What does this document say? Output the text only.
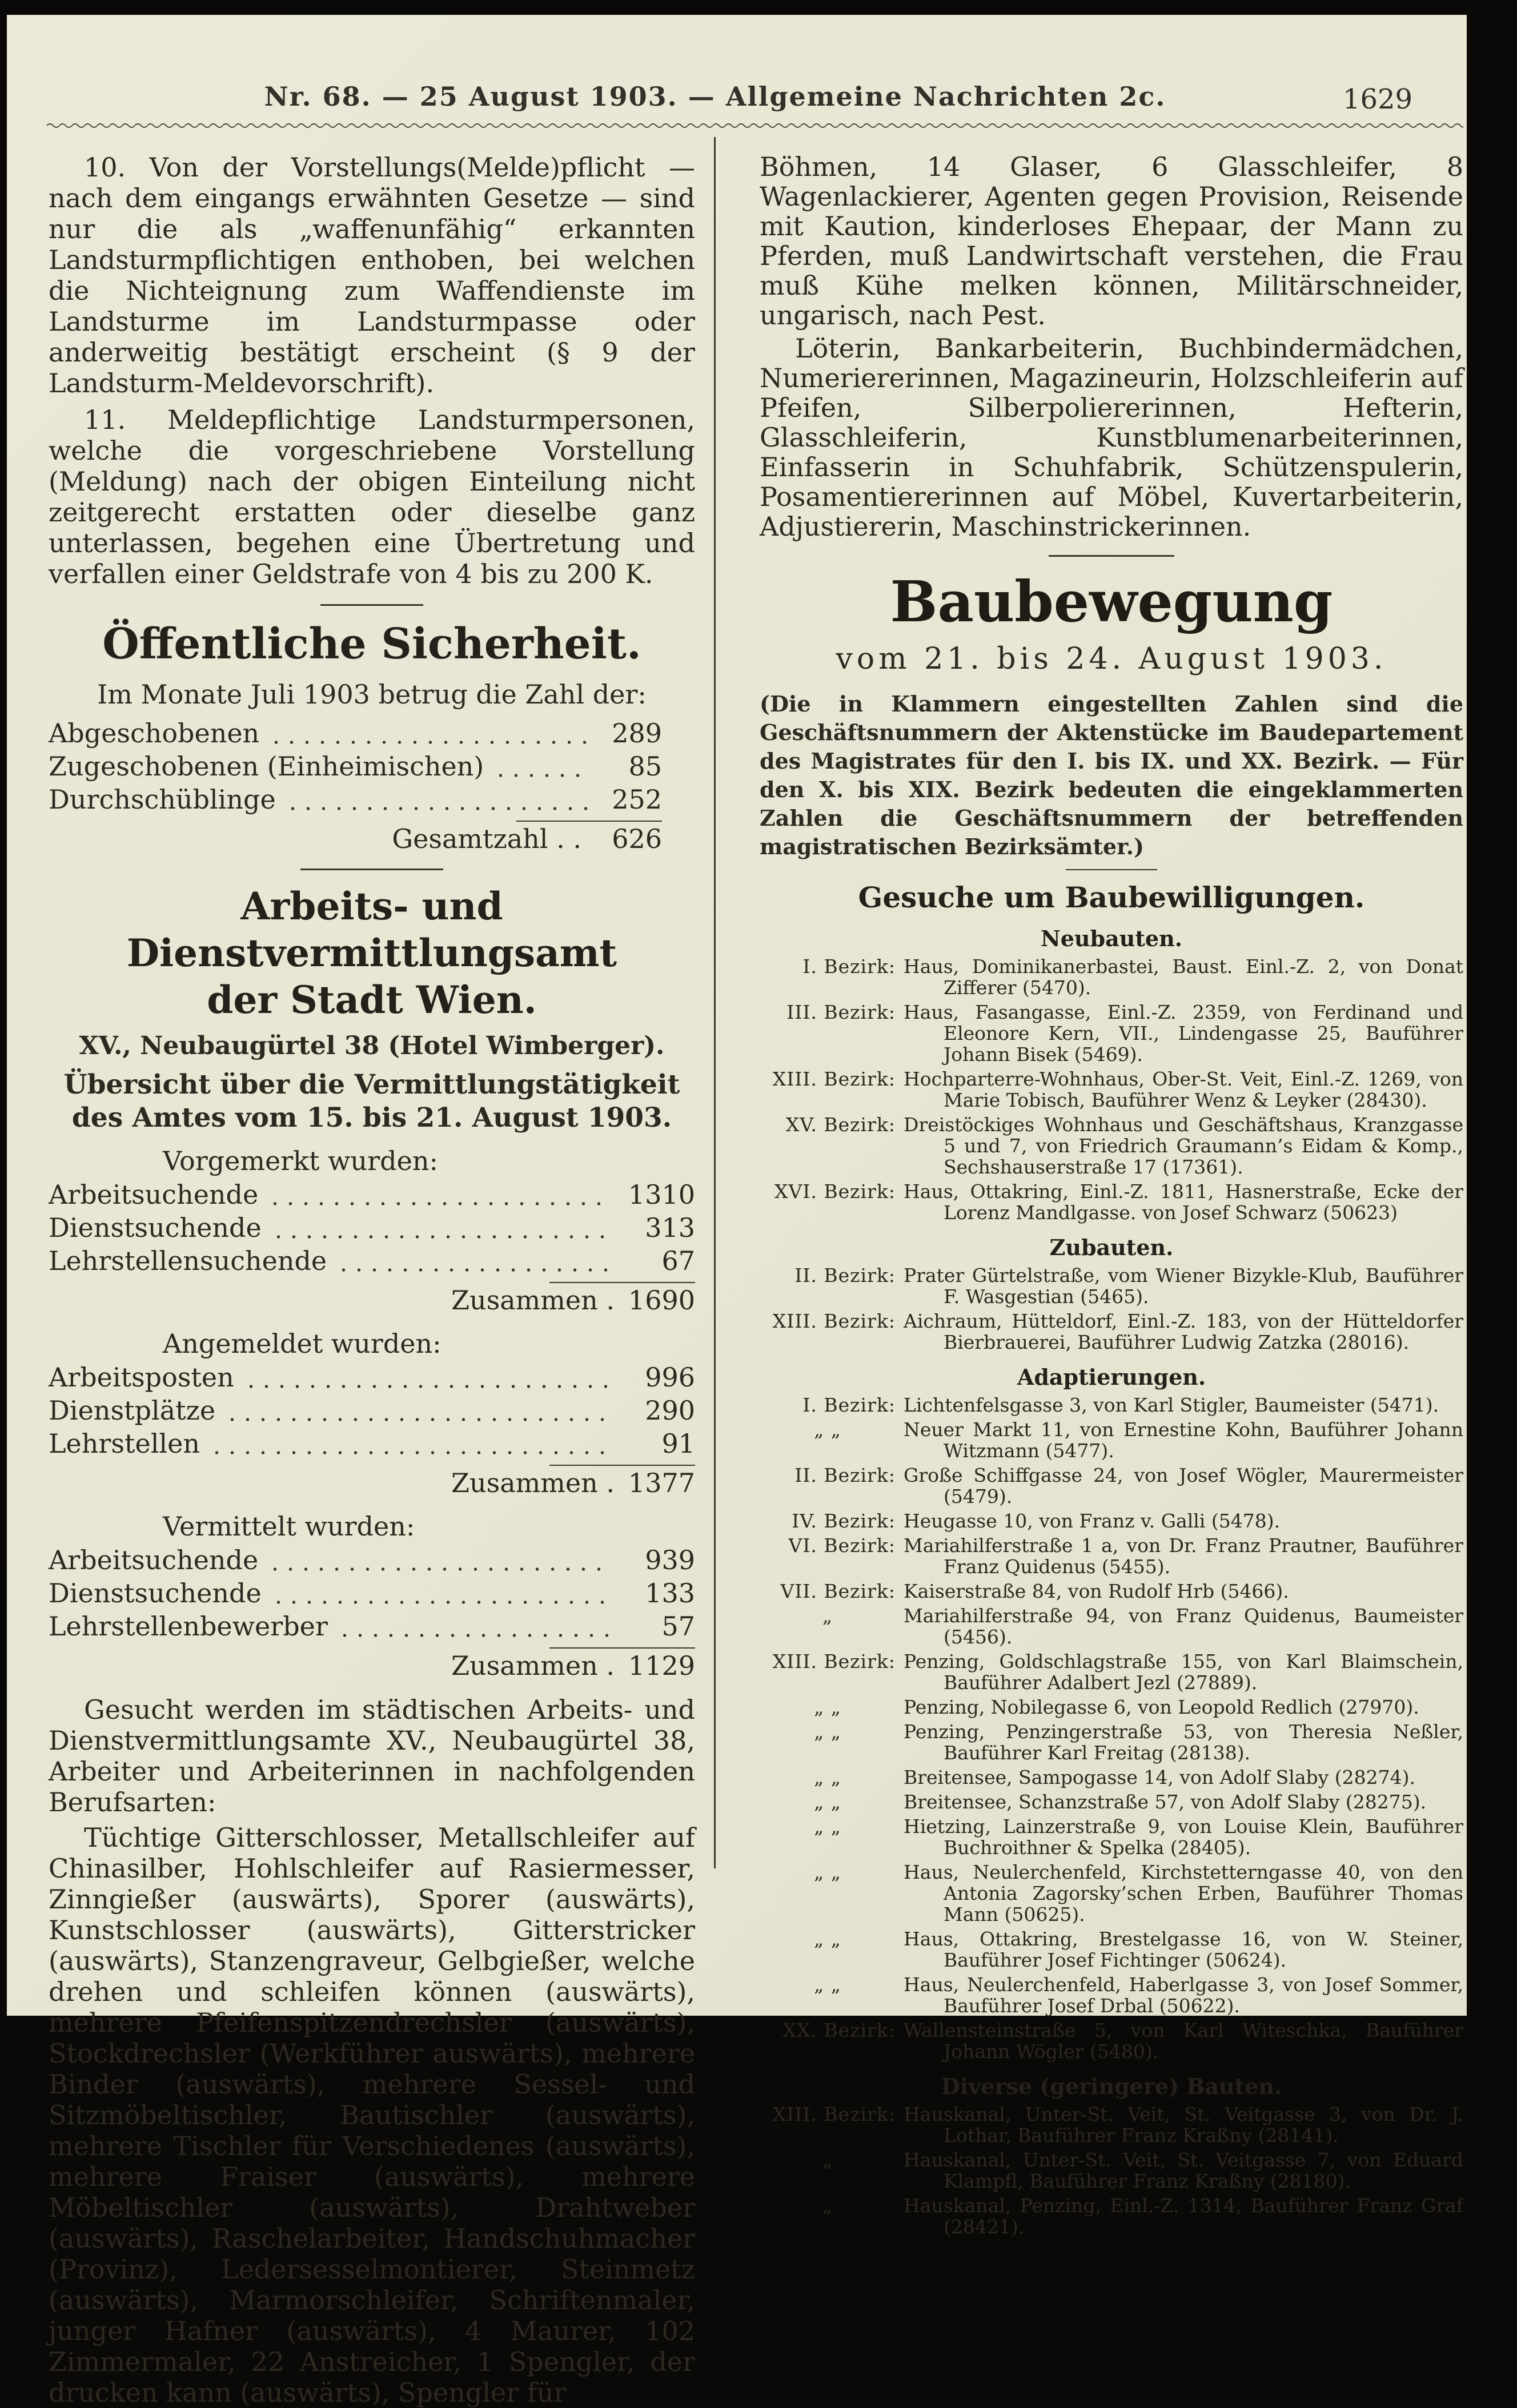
Nr. 68. — 25 August 1903. — Allgemeine Nachrichten 2c.	1629

10. Von der Vorstellungs(Melde)pflicht — nach dem eingangs erwähnten Gesetze — sind nur die als „waffenunfähig“ erkannten Landsturmpflichtigen enthoben, bei welchen die Nichteignung zum Waffendienste im Landsturme im Landsturmpasse oder anderweitig bestätigt erscheint (§ 9 der Landsturm-Meldevorschrift).

11. Meldepflichtige Landsturmpersonen, welche die vorgeschriebene Vorstellung (Meldung) nach der obigen Einteilung nicht zeitgerecht erstatten oder dieselbe ganz unterlassen, begehen eine Übertretung und verfallen einer Geldstrafe von 4 bis zu 200 K.

Öffentliche Sicherheit.
Im Monate Juli 1903 betrug die Zahl der:
Abgeschobenen	289
Zugeschobenen (Einheimischen)	85
Durchschüblinge	252
Gesamtzahl . .	626
Arbeits- und Dienstvermittlungsamt
der Stadt Wien.
XV., Neubaugürtel 38 (Hotel Wimberger).
Übersicht über die Vermittlungstätigkeit des Amtes vom 15. bis 21. August 1903.
Vorgemerkt wurden:
Arbeitsuchende	1310
Dienstsuchende	313
Lehrstellensuchende	67
Zusammen . 1690
Angemeldet wurden:
Arbeitsposten	996
Dienstplätze	290
Lehrstellen	91
Zusammen . 1377
Vermittelt wurden:
Arbeitsuchende	939
Dienstsuchende	133
Lehrstellenbewerber	57
Zusammen . 1129

Gesucht werden im städtischen Arbeits- und Dienstvermittlungsamte XV., Neubaugürtel 38, Arbeiter und Arbeiterinnen in nachfolgenden Berufsarten:

Tüchtige Gitterschlosser, Metallschleifer auf Chinasilber, Hohlschleifer auf Rasiermesser, Zinngießer (auswärts), Sporer (auswärts), Kunstschlosser (auswärts), Gitterstricker (auswärts), Stanzengraveur, Gelbgießer, welche drehen und schleifen können (auswärts), mehrere Pfeifenspitzendrechsler (auswärts), Stockdrechsler (Werkführer auswärts), mehrere Binder (auswärts), mehrere Sessel- und Sitzmöbeltischler, Bautischler (auswärts), mehrere Tischler für Verschiedenes (auswärts), mehrere Fraiser (auswärts), mehrere Möbeltischler (auswärts), Drahtweber (auswärts), Raschelarbeiter, Handschuhmacher (Provinz), Ledersesselmontierer, Steinmetz (auswärts), Marmorschleifer, Schriftenmaler, junger Hafner (auswärts), 4 Maurer, 102 Zimmermaler, 22 Anstreicher, 1 Spengler, der drucken kann (auswärts), Spengler für

Böhmen, 14 Glaser, 6 Glasschleifer, 8 Wagenlackierer, Agenten gegen Provision, Reisende mit Kaution, kinderloses Ehepaar, der Mann zu Pferden, muß Landwirtschaft verstehen, die Frau muß Kühe melken können, Militärschneider, ungarisch, nach Pest.

Löterin, Bankarbeiterin, Buchbindermädchen, Numeriererinnen, Magazineurin, Holzschleiferin auf Pfeifen, Silberpoliererinnen, Hefterin, Glasschleiferin, Kunstblumenarbeiterinnen, Einfasserin in Schuhfabrik, Schützenspulerin, Posamentiererinnen auf Möbel, Kuvertarbeiterin, Adjustiererin, Maschinstrickerinnen.

Baubewegung
vom 21. bis 24. August 1903.

(Die in Klammern eingestellten Zahlen sind die Geschäftsnummern der Aktenstücke im Baudepartement des Magistrates für den I. bis IX. und XX. Bezirk. — Für den X. bis XIX. Bezirk bedeuten die eingeklammerten Zahlen die Geschäftsnummern der betreffenden magistratischen Bezirksämter.)

Gesuche um Baubewilligungen.
Neubauten.
I. Bezirk: Haus, Dominikanerbastei, Baust. Einl.-Z. 2, von Donat Zifferer (5470).
III. Bezirk: Haus, Fasangasse, Einl.-Z. 2359, von Ferdinand und Eleonore Kern, VII., Lindengasse 25, Bauführer Johann Bisek (5469).
XIII. Bezirk: Hochparterre-Wohnhaus, Ober-St. Veit, Einl.-Z. 1269, von Marie Tobisch, Bauführer Wenz & Leyker (28430).
XV. Bezirk: Dreistöckiges Wohnhaus und Geschäftshaus, Kranzgasse 5 und 7, von Friedrich Graumann’s Eidam & Komp., Sechshauserstraße 17 (17361).
XVI. Bezirk: Haus, Ottakring, Einl.-Z. 1811, Hasnerstraße, Ecke der Lorenz Mandlgasse. von Josef Schwarz (50623)
Zubauten.
II. Bezirk: Prater Gürtelstraße, vom Wiener Bizykle-Klub, Bauführer F. Wasgestian (5465).
XIII. Bezirk: Aichraum, Hütteldorf, Einl.-Z. 183, von der Hütteldorfer Bierbrauerei, Bauführer Ludwig Zatzka (28016).
Adaptierungen.
I. Bezirk: Lichtenfelsgasse 3, von Karl Stigler, Baumeister (5471).
„ „	Neuer Markt 11, von Ernestine Kohn, Bauführer Johann Witzmann (5477).
II. Bezirk: Große Schiffgasse 24, von Josef Wögler, Maurermeister (5479).
IV. Bezirk: Heugasse 10, von Franz v. Galli (5478).
VI. Bezirk: Mariahilferstraße 1 a, von Dr. Franz Prautner, Bauführer Franz Quidenus (5455).
VII. Bezirk: Kaiserstraße 84, von Rudolf Hrb (5466).
„	Mariahilferstraße 94, von Franz Quidenus, Baumeister (5456).
XIII. Bezirk: Penzing, Goldschlagstraße 155, von Karl Blaimschein, Bauführer Adalbert Jezl (27889).
„ „	Penzing, Nobilegasse 6, von Leopold Redlich (27970).
„ „	Penzing, Penzingerstraße 53, von Theresia Neßler, Bauführer Karl Freitag (28138).
„ „	Breitensee, Sampogasse 14, von Adolf Slaby (28274).
„ „	Breitensee, Schanzstraße 57, von Adolf Slaby (28275).
„ „	Hietzing, Lainzerstraße 9, von Louise Klein, Bauführer Buchroithner & Spelka (28405).
„ „	Haus, Neulerchenfeld, Kirchstetterngasse 40, von den Antonia Zagorsky’schen Erben, Bauführer Thomas Mann (50625).
„ „	Haus, Ottakring, Brestelgasse 16, von W. Steiner, Bauführer Josef Fichtinger (50624).
„ „	Haus, Neulerchenfeld, Haberlgasse 3, von Josef Sommer, Bauführer Josef Drbal (50622).
XX. Bezirk: Wallensteinstraße 5, von Karl Witeschka, Bauführer Johann Wögler (5480).
Diverse (geringere) Bauten.
XIII. Bezirk: Hauskanal, Unter-St. Veit, St. Veitgasse 3, von Dr. J. Lothar, Bauführer Franz Kraßny (28141).
„	Hauskanal, Unter-St. Veit, St. Veitgasse 7, von Eduard Klampfl, Bauführer Franz Kraßny (28180).
„	Hauskanal, Penzing, Einl.-Z. 1314, Bauführer Franz Graf (28421).
